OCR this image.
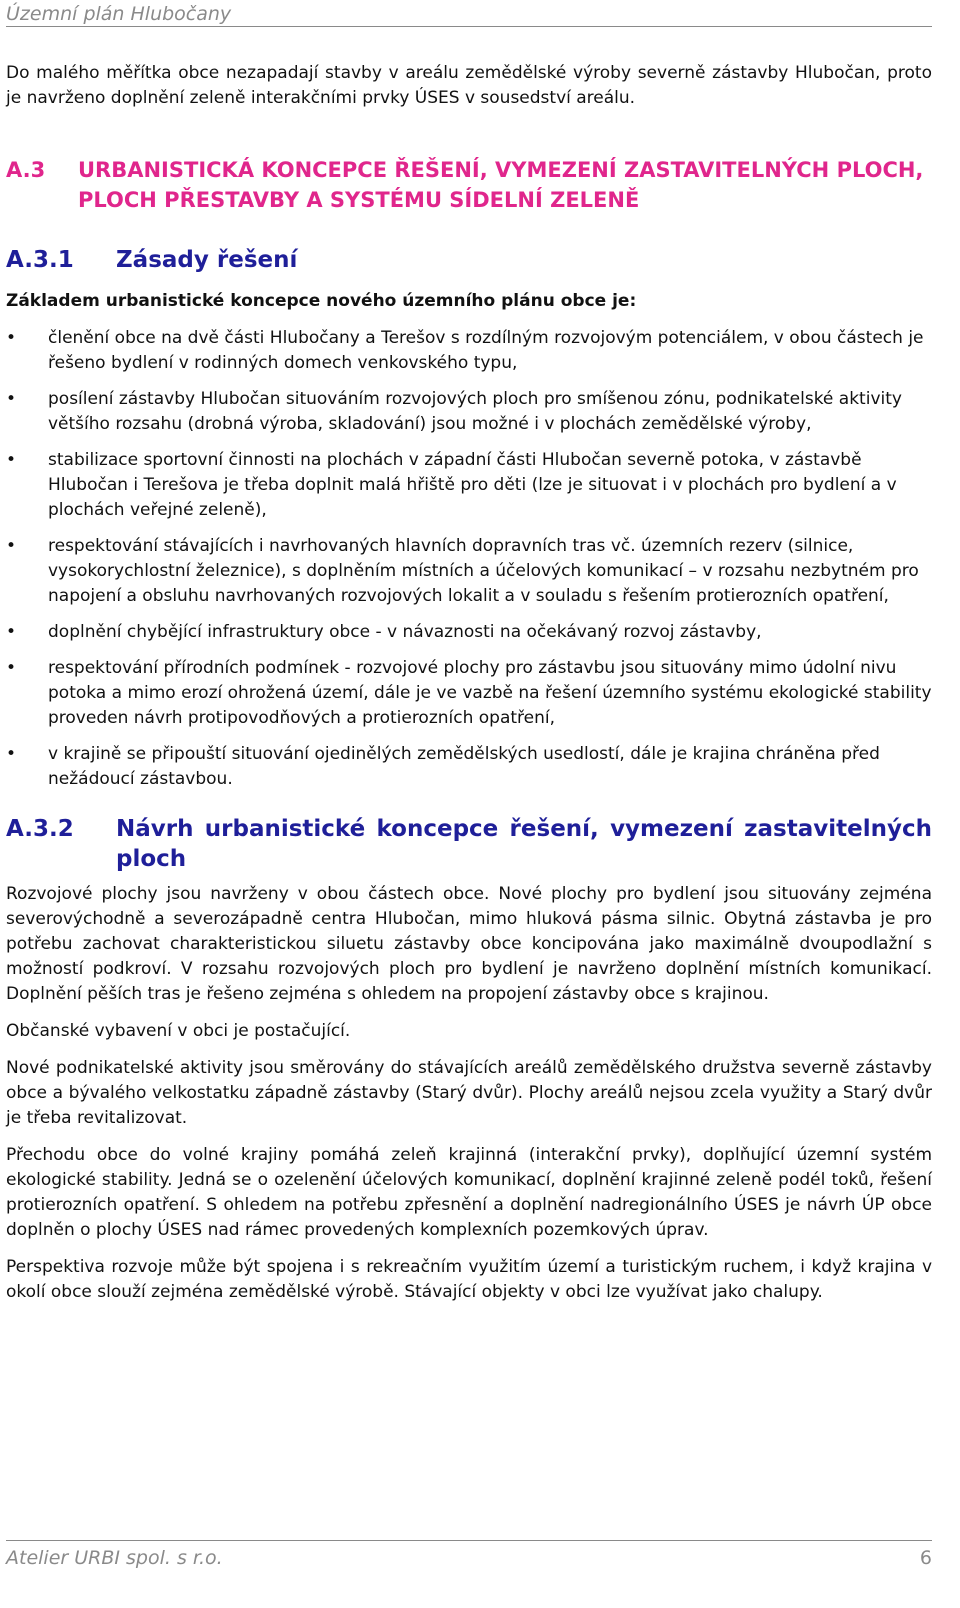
Územní plán Hlubočany

Do malého měřítka obce nezapadají stavby v areálu zemědělské výroby severně zástavby Hlubočan, proto je navrženo doplnění zeleně interakčními prvky ÚSES v sousedství areálu.

A.3	URBANISTICKÁ KONCEPCE ŘEŠENÍ, VYMEZENÍ ZASTAVITELNÝCH PLOCH, PLOCH PŘESTAVBY A SYSTÉMU SÍDELNÍ ZELENĚ
A.3.1	Zásady řešení

Základem urbanistické koncepce nového územního plánu obce je:

• členění obce na dvě části Hlubočany a Terešov s rozdílným rozvojovým potenciálem, v obou částech je řešeno bydlení v rodinných domech venkovského typu,
• posílení zástavby Hlubočan situováním rozvojových ploch pro smíšenou zónu, podnikatelské aktivity většího rozsahu (drobná výroba, skladování) jsou možné i v plochách zemědělské výroby,
• stabilizace sportovní činnosti na plochách v západní části Hlubočan severně potoka, v zástavbě Hlubočan i Terešova je třeba doplnit malá hřiště pro děti (lze je situovat i v plochách pro bydlení a v plochách veřejné zeleně),
• respektování stávajících i navrhovaných hlavních dopravních tras vč. územních rezerv (silnice, vysokorychlostní železnice), s doplněním místních a účelových komunikací – v rozsahu nezbytném pro napojení a obsluhu navrhovaných rozvojových lokalit a v souladu s řešením protierozních opatření,
• doplnění chybějící infrastruktury obce - v návaznosti na očekávaný rozvoj zástavby,
• respektování přírodních podmínek - rozvojové plochy pro zástavbu jsou situovány mimo údolní nivu potoka a mimo erozí ohrožená území, dále je ve vazbě na řešení územního systému ekologické stability proveden návrh protipovodňových a protierozních opatření,
• v krajině se připouští situování ojedinělých zemědělských usedlostí, dále je krajina chráněna před nežádoucí zástavbou.
A.3.2	Návrh urbanistické koncepce řešení, vymezení zastavitelných ploch

Rozvojové plochy jsou navrženy v obou částech obce. Nové plochy pro bydlení jsou situovány zejména severovýchodně a severozápadně centra Hlubočan, mimo hluková pásma silnic. Obytná zástavba je pro potřebu zachovat charakteristickou siluetu zástavby obce koncipována jako maximálně dvoupodlažní s možností podkroví. V rozsahu rozvojových ploch pro bydlení je navrženo doplnění místních komunikací. Doplnění pěších tras je řešeno zejména s ohledem na propojení zástavby obce s krajinou.

Občanské vybavení v obci je postačující.

Nové podnikatelské aktivity jsou směrovány do stávajících areálů zemědělského družstva severně zástavby obce a bývalého velkostatku západně zástavby (Starý dvůr). Plochy areálů nejsou zcela využity a Starý dvůr je třeba revitalizovat.

Přechodu obce do volné krajiny pomáhá zeleň krajinná (interakční prvky), doplňující územní systém ekologické stability. Jedná se o ozelenění účelových komunikací, doplnění krajinné zeleně podél toků, řešení protierozních opatření. S ohledem na potřebu zpřesnění a doplnění nadregionálního ÚSES je návrh ÚP obce doplněn o plochy ÚSES nad rámec provedených komplexních pozemkových úprav.

Perspektiva rozvoje může být spojena i s rekreačním využitím území a turistickým ruchem, i když krajina v okolí obce slouží zejména zemědělské výrobě. Stávající objekty v obci lze využívat jako chalupy.

Atelier URBI spol. s r.o.	6
